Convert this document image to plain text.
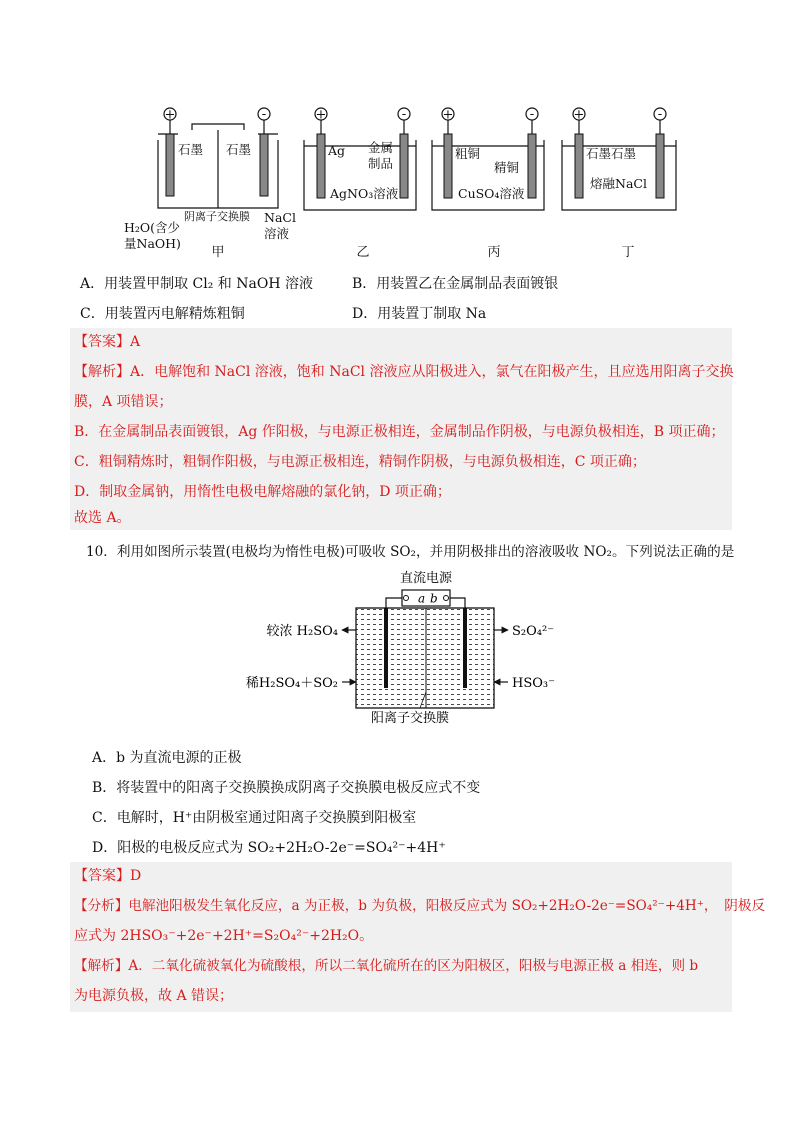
+	-	+	-	+	-	+	-
石墨 石墨
阴离子交换膜
H₂O(含少
量NaOH)
NaCl
溶液
Ag 金属
制品
AgNO₃溶液
粗铜
精铜
CuSO₄溶液
石墨石墨
熔融NaCl
甲	乙	丙	丁
A．用装置甲制取 Cl₂ 和 NaOH 溶液	B．用装置乙在金属制品表面镀银
C．用装置丙电解精炼粗铜	D．用装置丁制取 Na
【答案】A
【解析】A．电解饱和 NaCl 溶液，饱和 NaCl 溶液应从阳极进入，氯气在阳极产生，且应选用阳离子交换
膜，A 项错误；
B．在金属制品表面镀银，Ag 作阳极，与电源正极相连，金属制品作阴极，与电源负极相连，B 项正确；
C．粗铜精炼时，粗铜作阳极，与电源正极相连，精铜作阴极，与电源负极相连，C 项正确；
D．制取金属钠，用惰性电极电解熔融的氯化钠，D 项正确；
故选 A。
10．利用如图所示装置(电极均为惰性电极)可吸收 SO₂，并用阴极排出的溶液吸收 NO₂。下列说法正确的是
直流电源
a b
较浓 H₂SO₄
稀H₂SO₄＋SO₂
S₂O₄²⁻
HSO₃⁻
阳离子交换膜
A．b 为直流电源的正极
B．将装置中的阳离子交换膜换成阴离子交换膜电极反应式不变
C．电解时，H⁺由阴极室通过阳离子交换膜到阳极室
D．阳极的电极反应式为 SO₂+2H₂O-2e⁻=SO₄²⁻+4H⁺
【答案】D
【分析】电解池阳极发生氧化反应，a 为正极，b 为负极，阳极反应式为 SO₂+2H₂O-2e⁻=SO₄²⁻+4H⁺，　阴极反
应式为 2HSO₃⁻+2e⁻+2H⁺=S₂O₄²⁻+2H₂O。
【解析】A．二氧化硫被氧化为硫酸根，所以二氧化硫所在的区为阳极区，阳极与电源正极 a 相连，则 b
为电源负极，故 A 错误；
